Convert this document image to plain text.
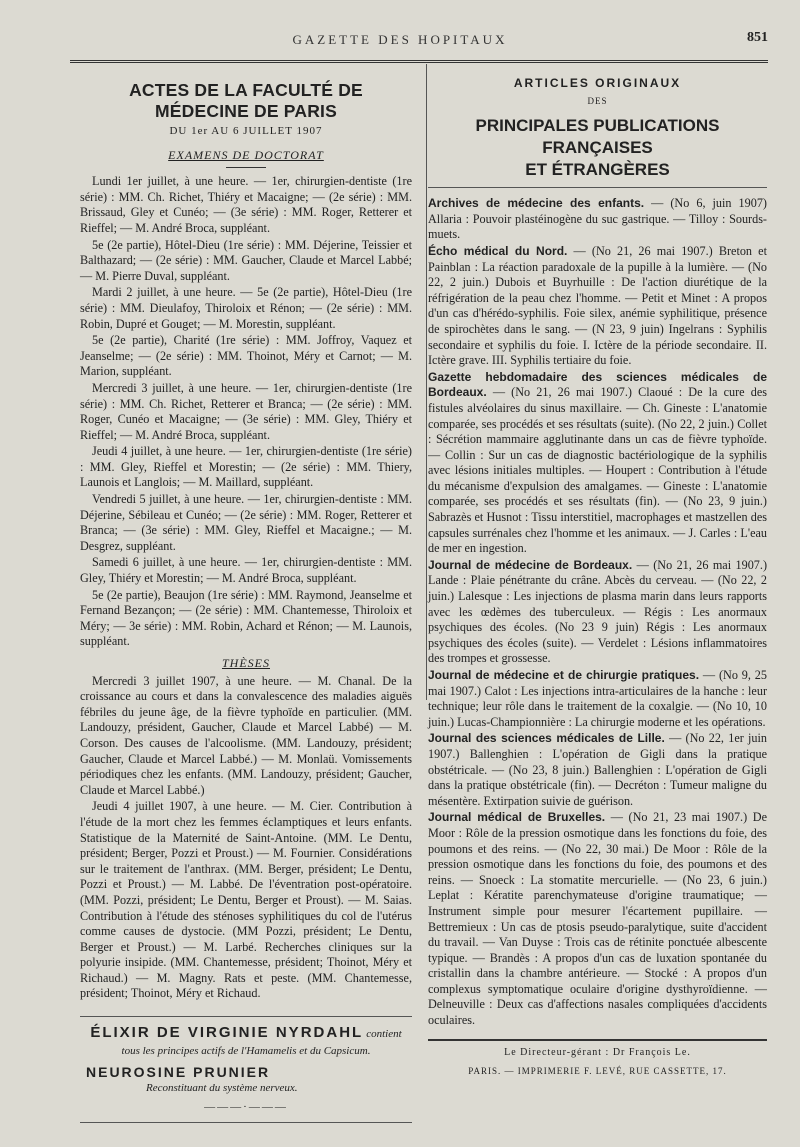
GAZETTE DES HOPITAUX	851
ACTES DE LA FACULTÉ DE MÉDECINE DE PARIS
DU 1er AU 6 JUILLET 1907
EXAMENS DE DOCTORAT

Lundi 1er juillet, à une heure. — 1er, chirurgien-dentiste (1re série) : MM. Ch. Richet, Thiéry et Macaigne; — (2e série) : MM. Brissaud, Gley et Cunéo; — (3e série) : MM. Roger, Retterer et Rieffel; — M. André Broca, suppléant.

5e (2e partie), Hôtel-Dieu (1re série) : MM. Déjerine, Teissier et Balthazard; — (2e série) : MM. Gaucher, Claude et Marcel Labbé; — M. Pierre Duval, suppléant.

Mardi 2 juillet, à une heure. — 5e (2e partie), Hôtel-Dieu (1re série) : MM. Dieulafoy, Thiroloix et Rénon; — (2e série) : MM. Robin, Dupré et Gouget; — M. Morestin, suppléant.

5e (2e partie), Charité (1re série) : MM. Joffroy, Vaquez et Jeanselme; — (2e série) : MM. Thoinot, Méry et Carnot; — M. Marion, suppléant.

Mercredi 3 juillet, à une heure. — 1er, chirurgien-dentiste (1re série) : MM. Ch. Richet, Retterer et Branca; — (2e série) : MM. Roger, Cunéo et Macaigne; — (3e série) : MM. Gley, Thiéry et Rieffel; — M. André Broca, suppléant.

Jeudi 4 juillet, à une heure. — 1er, chirurgien-dentiste (1re série) : MM. Gley, Rieffel et Morestin; — (2e série) : MM. Thiery, Launois et Langlois; — M. Maillard, suppléant.

Vendredi 5 juillet, à une heure. — 1er, chirurgien-dentiste : MM. Déjerine, Sébileau et Cunéo; — (2e série) : MM. Roger, Retterer et Branca; — (3e série) : MM. Gley, Rieffel et Macaigne.; — M. Desgrez, suppléant.

Samedi 6 juillet, à une heure. — 1er, chirurgien-dentiste : MM. Gley, Thiéry et Morestin; — M. André Broca, suppléant.

5e (2e partie), Beaujon (1re série) : MM. Raymond, Jeanselme et Fernand Bezançon; — (2e série) : MM. Chantemesse, Thiroloix et Méry; — 3e série) : MM. Robin, Achard et Rénon; — M. Launois, suppléant.

THÈSES

Mercredi 3 juillet 1907, à une heure. — M. Chanal. De la croissance au cours et dans la convalescence des maladies aiguës fébriles du jeune âge, de la fièvre typhoïde en particulier. (MM. Landouzy, président, Gaucher, Claude et Marcel Labbé) — M. Corson. Des causes de l'alcoolisme. (MM. Landouzy, président; Gaucher, Claude et Marcel Labbé.) — M. Monlaü. Vomissements périodiques chez les enfants. (MM. Landouzy, président; Gaucher, Claude et Marcel Labbé.)

Jeudi 4 juillet 1907, à une heure. — M. Cier. Contribution à l'étude de la mort chez les femmes éclamptiques et leurs enfants. Statistique de la Maternité de Saint-Antoine. (MM. Le Dentu, président; Berger, Pozzi et Proust.) — M. Fournier. Considérations sur le traitement de l'anthrax. (MM. Berger, président; Le Dentu, Pozzi et Proust.) — M. Labbé. De l'éventration post-opératoire. (MM. Pozzi, président; Le Dentu, Berger et Proust). — M. Saias. Contribution à l'étude des sténoses syphilitiques du col de l'utérus comme causes de dystocie. (MM Pozzi, président; Le Dentu, Berger et Proust.) — M. Larbé. Recherches cliniques sur la polyurie insipide. (MM. Chantemesse, président; Thoinot, Méry et Richaud.) — M. Magny. Rats et peste. (MM. Chantemesse, président; Thoinot, Méry et Richaud.

ÉLIXIR DE VIRGINIE NYRDAHL contient tous les principes actifs de l'Hamamelis et du Capsicum.
NEUROSINE PRUNIER
Reconstituant du système nerveux.
———·———
ARTICLES ORIGINAUX
DES
PRINCIPALES PUBLICATIONS FRANÇAISES
ET ÉTRANGÈRES

Archives de médecine des enfants. — (No 6, juin 1907) Allaria : Pouvoir plastéinogène du suc gastrique. — Tilloy : Sourds-muets.

Écho médical du Nord. — (No 21, 26 mai 1907.) Breton et Painblan : La réaction paradoxale de la pupille à la lumière. — (No 22, 2 juin.) Dubois et Buyrhuille : De l'action diurétique de la réfrigération de la peau chez l'homme. — Petit et Minet : A propos d'un cas d'hérédo-syphilis. Foie silex, anémie syphilitique, présence de spirochètes dans le sang. — (N 23, 9 juin) Ingelrans : Syphilis secondaire et syphilis du foie. I. Ictère de la période secondaire. II. Ictère grave. III. Syphilis tertiaire du foie.

Gazette hebdomadaire des sciences médicales de Bordeaux. — (No 21, 26 mai 1907.) Claoué : De la cure des fistules alvéolaires du sinus maxillaire. — Ch. Gineste : L'anatomie comparée, ses procédés et ses résultats (suite). (No 22, 2 juin.) Collet : Sécrétion mammaire agglutinante dans un cas de fièvre typhoïde. — Collin : Sur un cas de diagnostic bactériologique de la syphilis avec lésions initiales multiples. — Houpert : Contribution à l'étude du mécanisme d'expulsion des amalgames. — Gineste : L'anatomie comparée, ses procédés et ses résultats (fin). — (No 23, 9 juin.) Sabrazès et Husnot : Tissu interstitiel, macrophages et mastzellen des capsules surrénales chez l'homme et les animaux. — J. Carles : L'eau de mer en ingestion.

Journal de médecine de Bordeaux. — (No 21, 26 mai 1907.) Lande : Plaie pénétrante du crâne. Abcès du cerveau. — (No 22, 2 juin.) Lalesque : Les injections de plasma marin dans leurs rapports avec les œdèmes des tuberculeux. — Régis : Les anormaux psychiques des écoles. (No 23 9 juin) Régis : Les anormaux psychiques des écoles (suite). — Verdelet : Lésions inflammatoires des trompes et grossesse.

Journal de médecine et de chirurgie pratiques. — (No 9, 25 mai 1907.) Calot : Les injections intra-articulaires de la hanche : leur technique; leur rôle dans le traitement de la coxalgie. — (No 10, 10 juin.) Lucas-Championnière : La chirurgie moderne et les opérations.

Journal des sciences médicales de Lille. — (No 22, 1er juin 1907.) Ballenghien : L'opération de Gigli dans la pratique obstétricale. — (No 23, 8 juin.) Ballenghien : L'opération de Gigli dans la pratique obstétricale (fin). — Decréton : Tumeur maligne du mésentère. Extirpation suivie de guérison.

Journal médical de Bruxelles. — (No 21, 23 mai 1907.) De Moor : Rôle de la pression osmotique dans les fonctions du foie, des poumons et des reins. — (No 22, 30 mai.) De Moor : Rôle de la pression osmotique dans les fonctions du foie, des poumons et des reins. — Snoeck : La stomatite mercurielle. — (No 23, 6 juin.) Leplat : Kératite parenchymateuse d'origine traumatique; — Instrument simple pour mesurer l'écartement pupillaire. — Bettremieux : Un cas de ptosis pseudo-paralytique, suite d'accident du travail. — Van Duyse : Trois cas de rétinite ponctuée albescente typique. — Brandès : A propos d'un cas de luxation spontanée du cristallin dans la chambre antérieure. — Stocké : A propos d'un complexus symptomatique oculaire d'origine dysthyroïdienne. — Delneuville : Deux cas d'affections nasales compliquées d'accidents oculaires.

Le Directeur-gérant : Dr François Le.
PARIS. — IMPRIMERIE F. LEVÉ, RUE CASSETTE, 17.
